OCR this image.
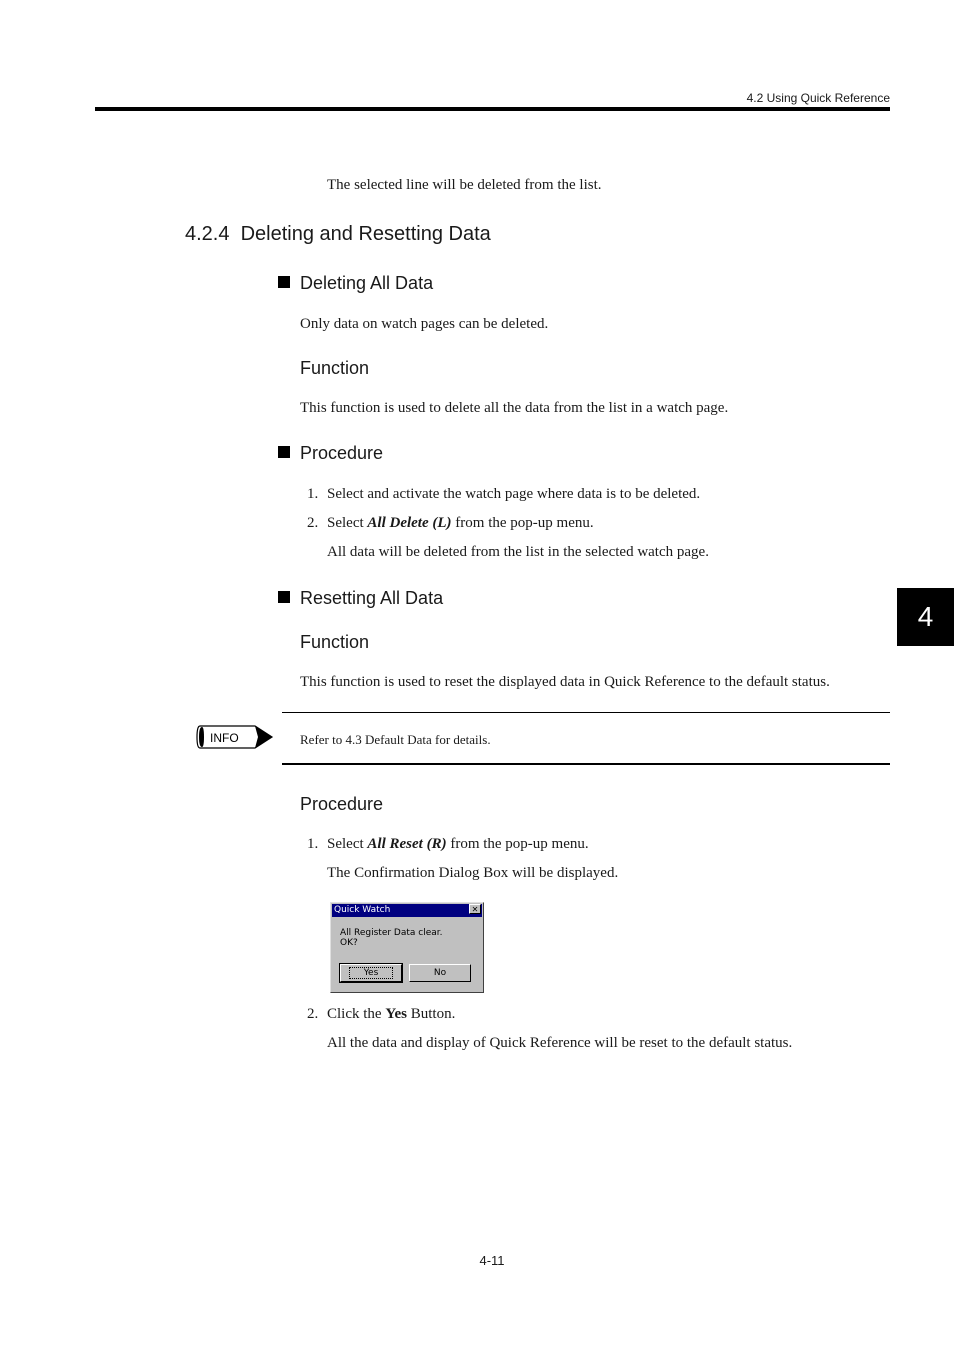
4.2 Using Quick Reference
4
The selected line will be deleted from the list.
4.2.4 Deleting and Resetting Data
Deleting All Data
Only data on watch pages can be deleted.
Function
This function is used to delete all the data from the list in a watch page.
Procedure
1. Select and activate the watch page where data is to be deleted.
2. Select All Delete (L) from the pop-up menu.
All data will be deleted from the list in the selected watch page.
Resetting All Data
Function
This function is used to reset the displayed data in Quick Reference to the default status.
INFO	Refer to 4.3 Default Data for details.
Procedure
1. Select All Reset (R) from the pop-up menu.
The Confirmation Dialog Box will be displayed.
Quick Watch	✕
All Register Data clear.
OK?
Yes	No
2. Click the Yes Button.
All the data and display of Quick Reference will be reset to the default status.
4-11
